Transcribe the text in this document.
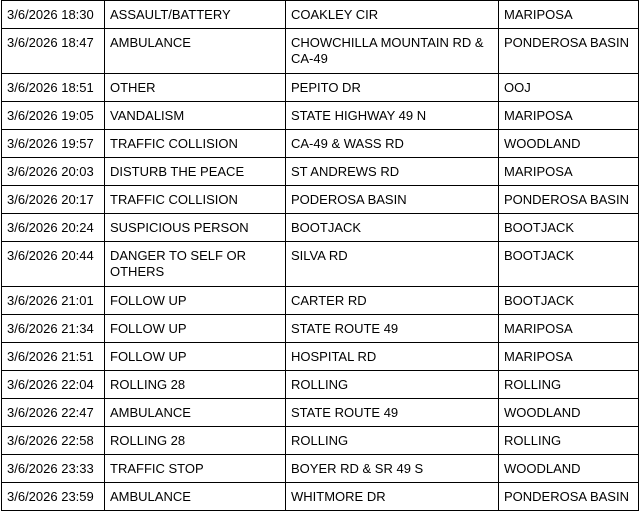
3/6/2026 18:30	ASSAULT/BATTERY	COAKLEY CIR	MARIPOSA
3/6/2026 18:47	AMBULANCE	CHOWCHILLA MOUNTAIN RD & CA-49	PONDEROSA BASIN
3/6/2026 18:51	OTHER	PEPITO DR	OOJ
3/6/2026 19:05	VANDALISM	STATE HIGHWAY 49 N	MARIPOSA
3/6/2026 19:57	TRAFFIC COLLISION	CA-49 & WASS RD	WOODLAND
3/6/2026 20:03	DISTURB THE PEACE	ST ANDREWS RD	MARIPOSA
3/6/2026 20:17	TRAFFIC COLLISION	PODEROSA BASIN	PONDEROSA BASIN
3/6/2026 20:24	SUSPICIOUS PERSON	BOOTJACK	BOOTJACK
3/6/2026 20:44	DANGER TO SELF OR OTHERS	SILVA RD	BOOTJACK
3/6/2026 21:01	FOLLOW UP	CARTER RD	BOOTJACK
3/6/2026 21:34	FOLLOW UP	STATE ROUTE 49	MARIPOSA
3/6/2026 21:51	FOLLOW UP	HOSPITAL RD	MARIPOSA
3/6/2026 22:04	ROLLING 28	ROLLING	ROLLING
3/6/2026 22:47	AMBULANCE	STATE ROUTE 49	WOODLAND
3/6/2026 22:58	ROLLING 28	ROLLING	ROLLING
3/6/2026 23:33	TRAFFIC STOP	BOYER RD & SR 49 S	WOODLAND
3/6/2026 23:59	AMBULANCE	WHITMORE DR	PONDEROSA BASIN
